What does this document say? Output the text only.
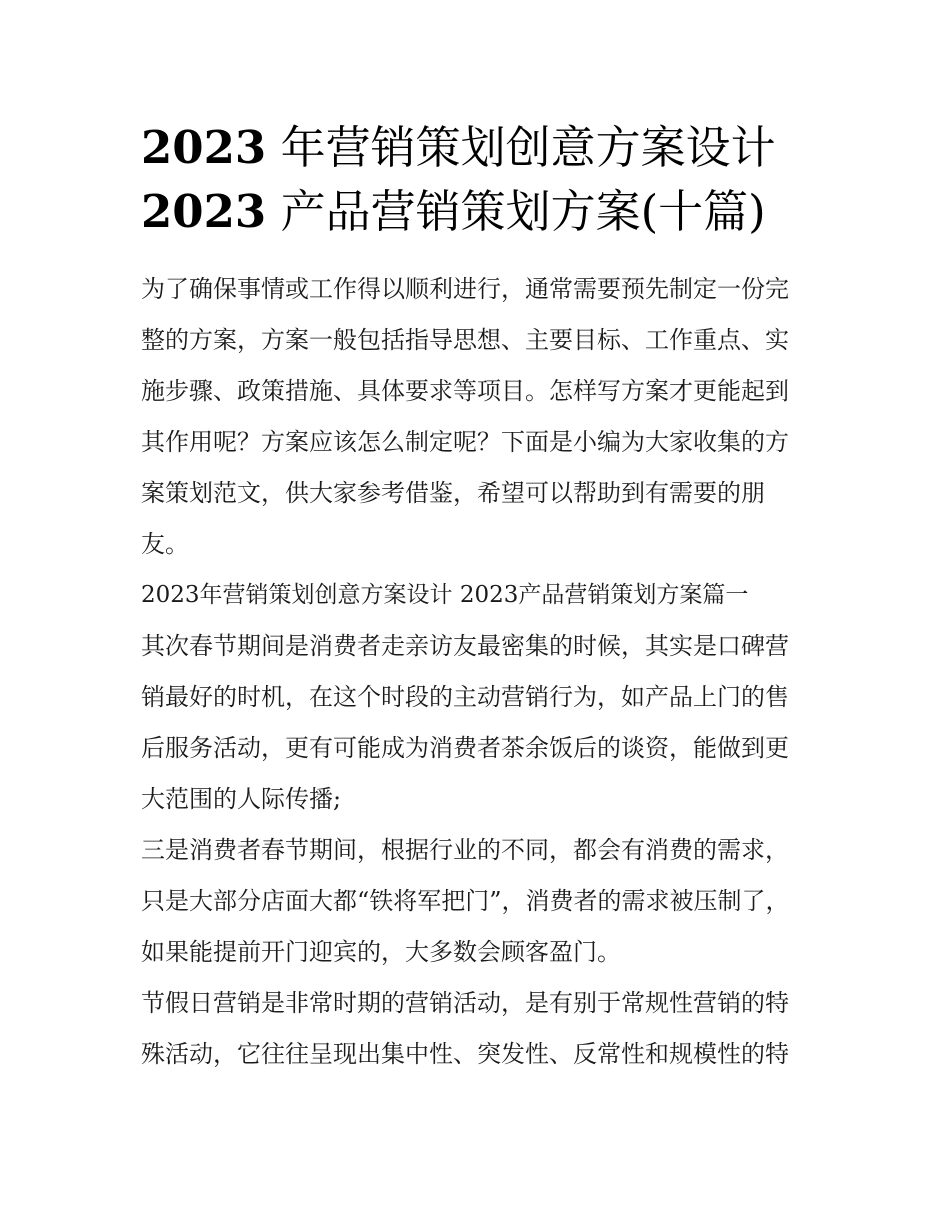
2023 年营销策划创意方案设计
2023 产品营销策划方案(十篇)

为了确保事情或工作得以顺利进行，通常需要预先制定一份完
整的方案，方案一般包括指导思想、主要目标、工作重点、实
施步骤、政策措施、具体要求等项目。怎样写方案才更能起到
其作用呢？方案应该怎么制定呢？下面是小编为大家收集的方
案策划范文，供大家参考借鉴，希望可以帮助到有需要的朋
友。

2023年营销策划创意方案设计 2023产品营销策划方案篇一

其次春节期间是消费者走亲访友最密集的时候，其实是口碑营
销最好的时机，在这个时段的主动营销行为，如产品上门的售
后服务活动，更有可能成为消费者茶余饭后的谈资，能做到更
大范围的人际传播;

三是消费者春节期间，根据行业的不同，都会有消费的需求，
只是大部分店面大都“铁将军把门”，消费者的需求被压制了，
如果能提前开门迎宾的，大多数会顾客盈门。

节假日营销是非常时期的营销活动，是有别于常规性营销的特
殊活动，它往往呈现出集中性、突发性、反常性和规模性的特
